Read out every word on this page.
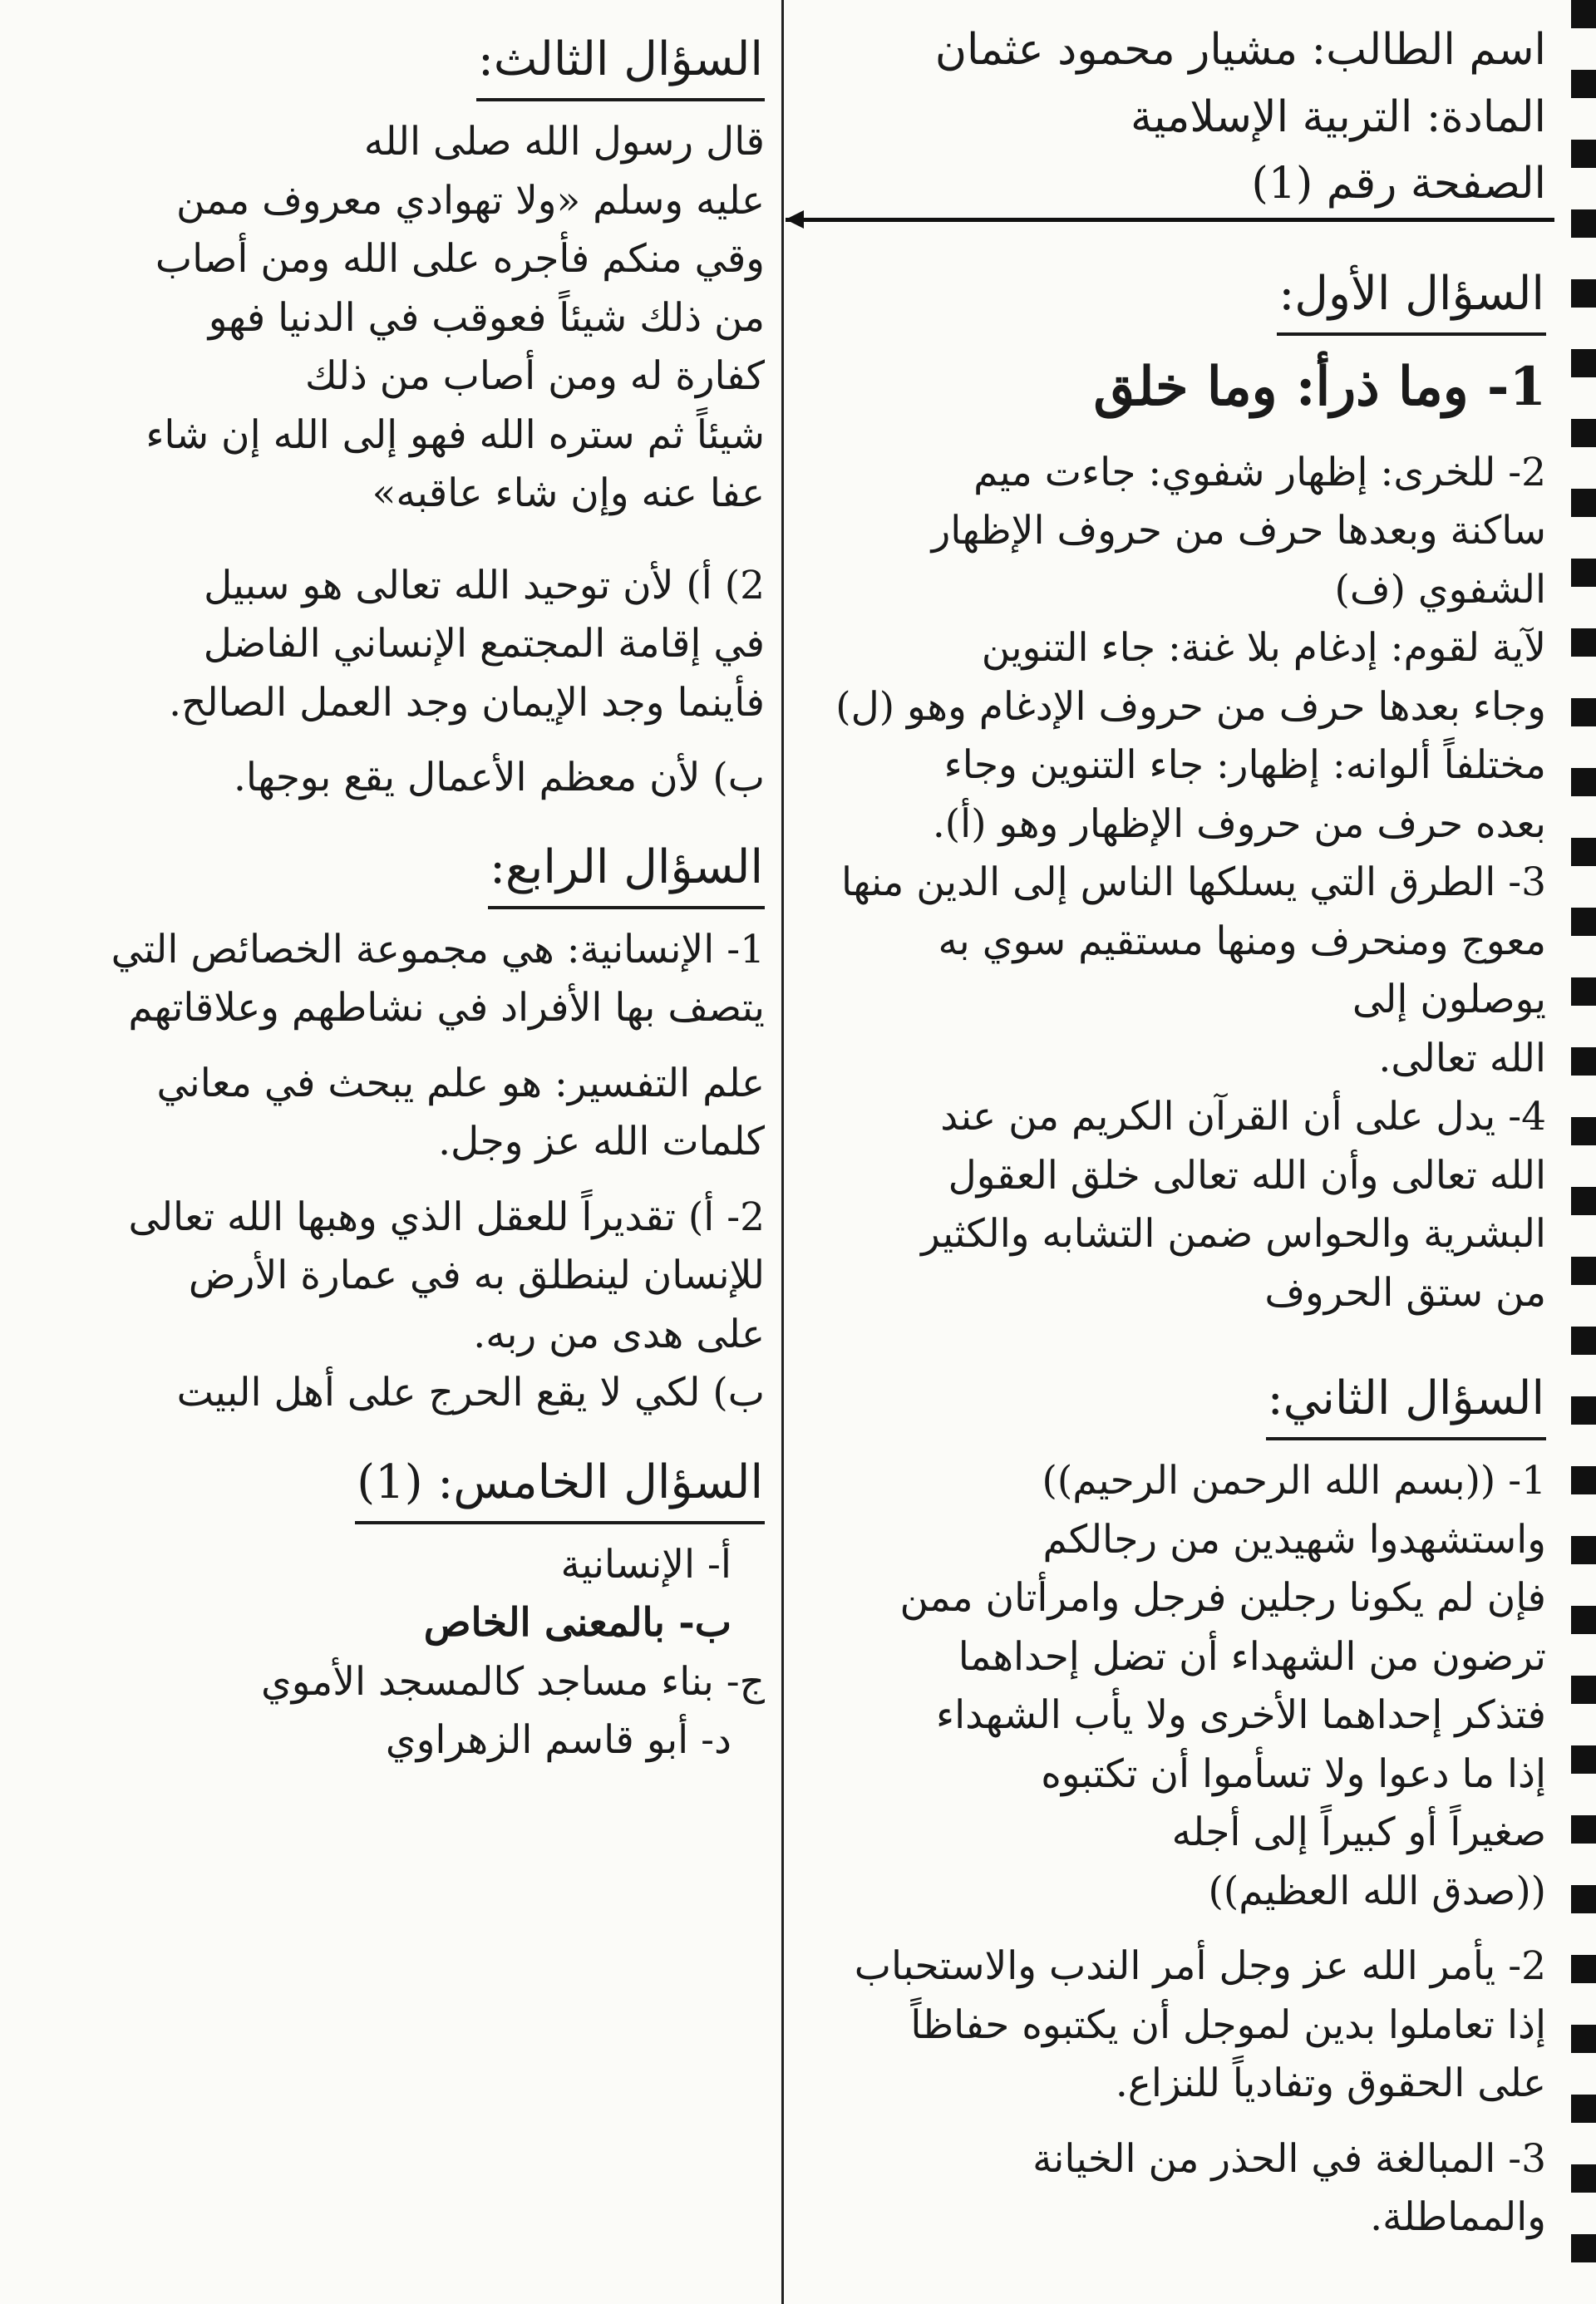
اسم الطالب: مشيار محمود عثمان
المادة: التربية الإسلامية
الصفحة رقم (1)
السؤال الأول:
1- وما ذرأ: وما خلق
2- للخرى: إظهار شفوي: جاءت ميم
ساكنة وبعدها حرف من حروف الإظهار الشفوي (ف)
لآية لقوم: إدغام بلا غنة: جاء التنوين
وجاء بعدها حرف من حروف الإدغام وهو (ل)
مختلفاً ألوانه: إظهار: جاء التنوين وجاء
بعده حرف من حروف الإظهار وهو (أ).
3- الطرق التي يسلكها الناس إلى الدين منها
معوج ومنحرف ومنها مستقيم سوي به يوصلون إلى
الله تعالى.
4- يدل على أن القرآن الكريم من عند
الله تعالى وأن الله تعالى خلق العقول
البشرية والحواس ضمن التشابه والكثير
من ستق الحروف
السؤال الثاني:
1- ((بسم الله الرحمن الرحيم))
واستشهدوا شهيدين من رجالكم
فإن لم يكونا رجلين فرجل وامرأتان ممن
ترضون من الشهداء أن تضل إحداهما
فتذكر إحداهما الأخرى ولا يأب الشهداء
إذا ما دعوا ولا تسأموا أن تكتبوه
صغيراً أو كبيراً إلى أجله
((صدق الله العظيم))
2- يأمر الله عز وجل أمر الندب والاستحباب
إذا تعاملوا بدين لموجل أن يكتبوه حفاظاً
على الحقوق وتفادياً للنزاع.
3- المبالغة في الحذر من الخيانة
والمماطلة.
السؤال الثالث:
قال رسول الله صلى الله
عليه وسلم «ولا تهوادي معروف ممن
وقي منكم فأجره على الله ومن أصاب
من ذلك شيئاً فعوقب في الدنيا فهو
كفارة له ومن أصاب من ذلك
شيئاً ثم ستره الله فهو إلى الله إن شاء
عفا عنه وإن شاء عاقبه»
2) أ) لأن توحيد الله تعالى هو سبيل
في إقامة المجتمع الإنساني الفاضل
فأينما وجد الإيمان وجد العمل الصالح.
ب) لأن معظم الأعمال يقع بوجها.
السؤال الرابع:
1- الإنسانية: هي مجموعة الخصائص التي
يتصف بها الأفراد في نشاطهم وعلاقاتهم
علم التفسير: هو علم يبحث في معاني
كلمات الله عز وجل.
2- أ) تقديراً للعقل الذي وهبها الله تعالى
للإنسان لينطلق به في عمارة الأرض
على هدى من ربه.
ب) لكي لا يقع الحرج على أهل البيت
السؤال الخامس: (1)
أ- الإنسانية
ب- بالمعنى الخاص
ج- بناء مساجد كالمسجد الأموي
د- أبو قاسم الزهراوي
